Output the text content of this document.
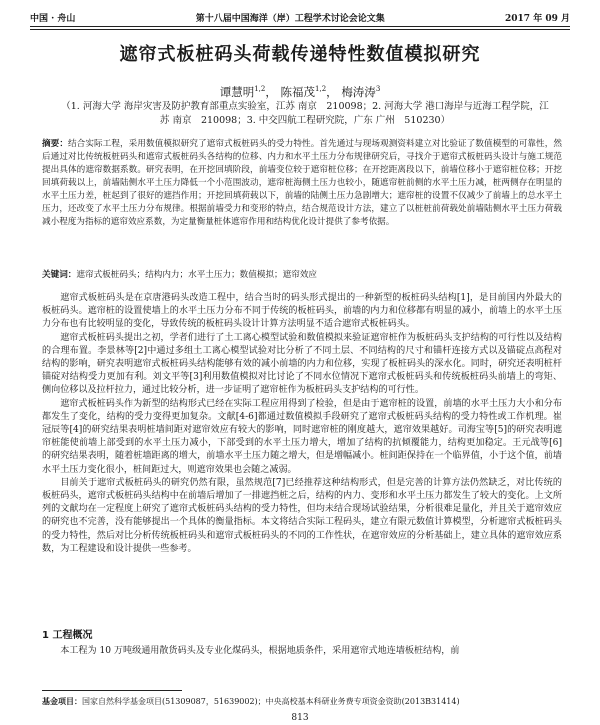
中国 · 舟山	第十八届中国海洋（岸）工程学术讨论会论文集	2017 年 09 月
遮帘式板桩码头荷载传递特性数值模拟研究
谭慧明$^{1,2}$， 陈福茂$^{1,2}$， 梅涛涛$^3$
（1. 河海大学 海岸灾害及防护教育部重点实验室，江苏 南京　210098；2. 河海大学 港口海岸与近海工程学院，江苏 南京　210098；3. 中交四航工程研究院，广东 广州　510230）
摘要：结合实际工程，采用数值模拟研究了遮帘式板桩码头的受力特性。首先通过与现场观测资料建立对比验证了数值模型的可靠性，然后通过对比传统板桩码头和遮帘式板桩码头各结构的位移、内力和水平土压力分布规律研究后，寻找介于遮帘式板桩码头设计与施工规范提出具体的遮帘数据系数。研究表明，在开挖回填阶段，前墙变位较于遮帘桩位移；在开挖距离段以下，前墙位移小于遮帘桩位移；开挖回填荷载以上，前墙陆侧水平土压力降低一个小范围波动，遮帘桩海侧土压力也较小，随遮帘桩前侧的水平土压力减，桩两侧存在明显的水平土压力差，桩起到了很好的遮挡作用；开挖回填荷载以下，前墙的陆侧土压力急剧增大；遮帘桩的设置不仅减少了前墙上的总水平土压力，还改变了水平土压力分布规律。根据前墙受力和变形的特点，结合规范设计方法，建立了以桩桩前荷载处前墙陆侧水平土压力荷载减小程度为指标的遮帘效应系数，为定量衡量桩体遮帘作用和结构优化设计提供了参考依据。
关键词：遮帘式板桩码头；结构内力；水平土压力；数值模拟；遮帘效应

遮帘式板桩码头是在京唐港码头改造工程中，结合当时的码头形式提出的一种新型的板桩码头结构[1]，是目前国内外最大的板桩码头。遮帘桩的设置使墙上的水平土压力分布不同于传统的板桩码头，前墙的内力和位移都有明显的减小，前墙上的水平土压力分布也有比较明显的变化，导致传统的板桩码头设计计算方法明显不适合遮帘式板桩码头。

遮帘式板桩码头提出之初，学者们进行了土工离心模型试验和数值模拟来验证遮帘桩作为板桩码头支护结构的可行性以及结构的合理布置。李景林等[2]中通过多组土工离心模型试验对比分析了不同土层、不同结构的尺寸和锚杆连接方式以及锚碇点高程对结构的影响，研究表明遮帘式板桩码头结构能够有效的减小前墙的内力和位移，实现了板桩码头的深水化。同时，研究还表明桩杆锚碇对结构受力更加有利。刘文平等[3]利用数值模拟对比讨论了不同水位情况下遮帘式板桩码头和传统板桩码头前墙上的弯矩、侧向位移以及拉杆拉力，通过比较分析，进一步证明了遮帘桩作为板桩码头支护结构的可行性。

遮帘式板桩码头作为新型的结构形式已经在实际工程应用得到了检验，但是由于遮帘桩的设置，前墙的水平土压力大小和分布都发生了变化，结构的受力变得更加复杂。文献[4-6]都通过数值模拟手段研究了遮帘式板桩码头结构的受力特性或工作机理。崔冠辰等[4]的研究结果表明桩墙间距对遮帘效应有较大的影响，同时遮帘桩的刚度越大，遮帘效果越好。司海宝等[5]的研究表明遮帘桩能使前墙上部受到的水平土压力减小，下部受到的水平土压力增大，增加了结构的抗倾覆能力，结构更加稳定。王元战等[6]的研究结果表明，随着桩墙距离的增大，前墙水平土压力随之增大，但是增幅减小。桩间距保持在一个临界值，小于这个值，前墙水平土压力变化很小，桩间距过大，则遮帘效果也会随之减弱。

目前关于遮帘式板桩码头的研究仍然有限，虽然规范[7]已经推荐这种结构形式，但是完善的计算方法仍然缺乏，对比传统的板桩码头，遮帘式板桩码头结构中在前墙后增加了一排遮挡桩之后，结构的内力、变形和水平土压力都发生了较大的变化。上文所列的文献均在一定程度上研究了遮帘式板桩码头结构的受力特性，但均未结合现场试验结果，分析很难足量化，并且关于遮帘效应的研究也不完善，没有能够提出一个具体的衡量指标。本文将结合实际工程码头，建立有限元数值计算模型，分析遮帘式板桩码头的受力特性，然后对比分析传统板桩码头和遮帘式板桩码头的不同的工作性状，在遮帘效应的分析基础上，建立具体的遮帘效应系数，为工程建设和设计提供一些参考。

1 工程概况
本工程为 10 万吨级通用散货码头及专业化煤码头，根据地质条件，采用遮帘式地连墙板桩结构，前
基金项目：国家自然科学基金项目(51309087，51639002)；中央高校基本科研业务费专项资金资助(2013B31414)
813
